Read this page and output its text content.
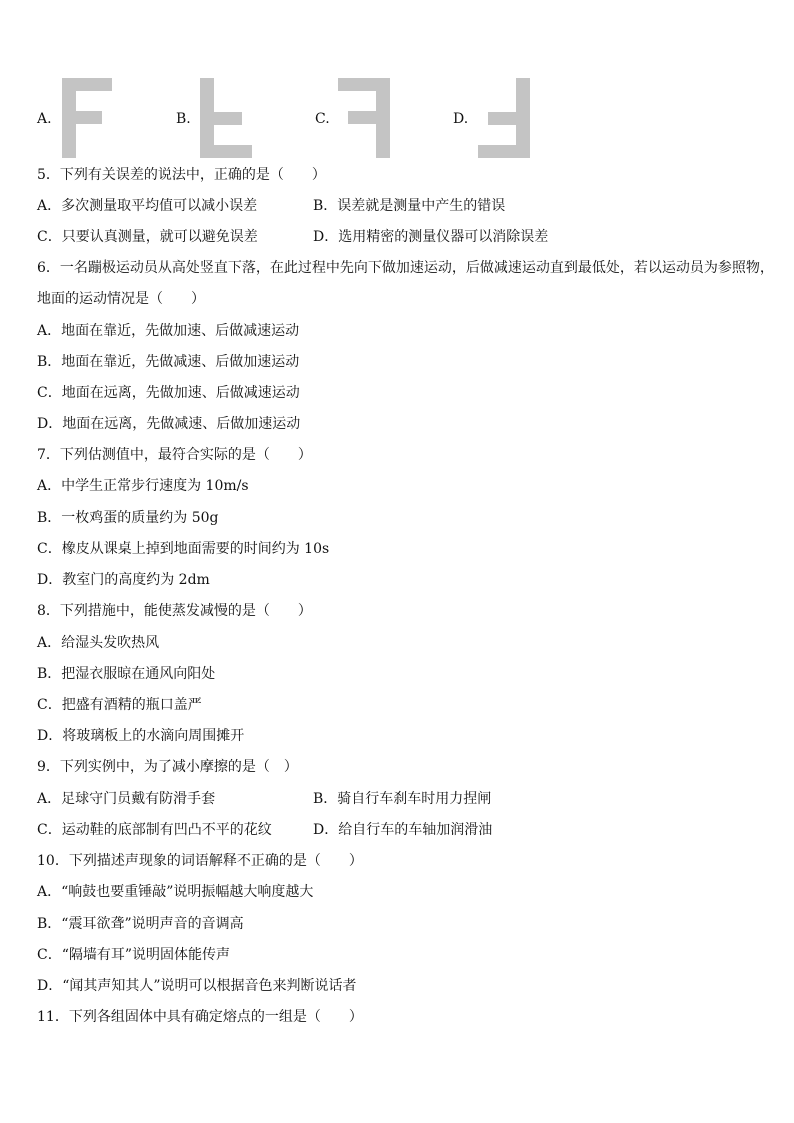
A.	B.	C.	D.
5．下列有关误差的说法中，正确的是（　　）
A．多次测量取平均值可以减小误差	B．误差就是测量中产生的错误
C．只要认真测量，就可以避免误差	D．选用精密的测量仪器可以消除误差
6．一名蹦极运动员从高处竖直下落，在此过程中先向下做加速运动，后做减速运动直到最低处，若以运动员为参照物，
地面的运动情况是（　　）
A．地面在靠近，先做加速、后做减速运动
B．地面在靠近，先做减速、后做加速运动
C．地面在远离，先做加速、后做减速运动
D．地面在远离，先做减速、后做加速运动
7．下列估测值中，最符合实际的是（　　）
A．中学生正常步行速度为 10m/s
B．一枚鸡蛋的质量约为 50g
C．橡皮从课桌上掉到地面需要的时间约为 10s
D．教室门的高度约为 2dm
8．下列措施中，能使蒸发减慢的是（　　）
A．给湿头发吹热风
B．把湿衣服晾在通风向阳处
C．把盛有酒精的瓶口盖严
D．将玻璃板上的水滴向周围摊开
9．下列实例中，为了减小摩擦的是（　）
A．足球守门员戴有防滑手套	B．骑自行车刹车时用力捏闸
C．运动鞋的底部制有凹凸不平的花纹	D．给自行车的车轴加润滑油
10．下列描述声现象的词语解释不正确的是（　　）
A．“响鼓也要重锤敲”说明振幅越大响度越大
B．“震耳欲聋”说明声音的音调高
C．“隔墙有耳”说明固体能传声
D．“闻其声知其人”说明可以根据音色来判断说话者
11．下列各组固体中具有确定熔点的一组是（　　）
